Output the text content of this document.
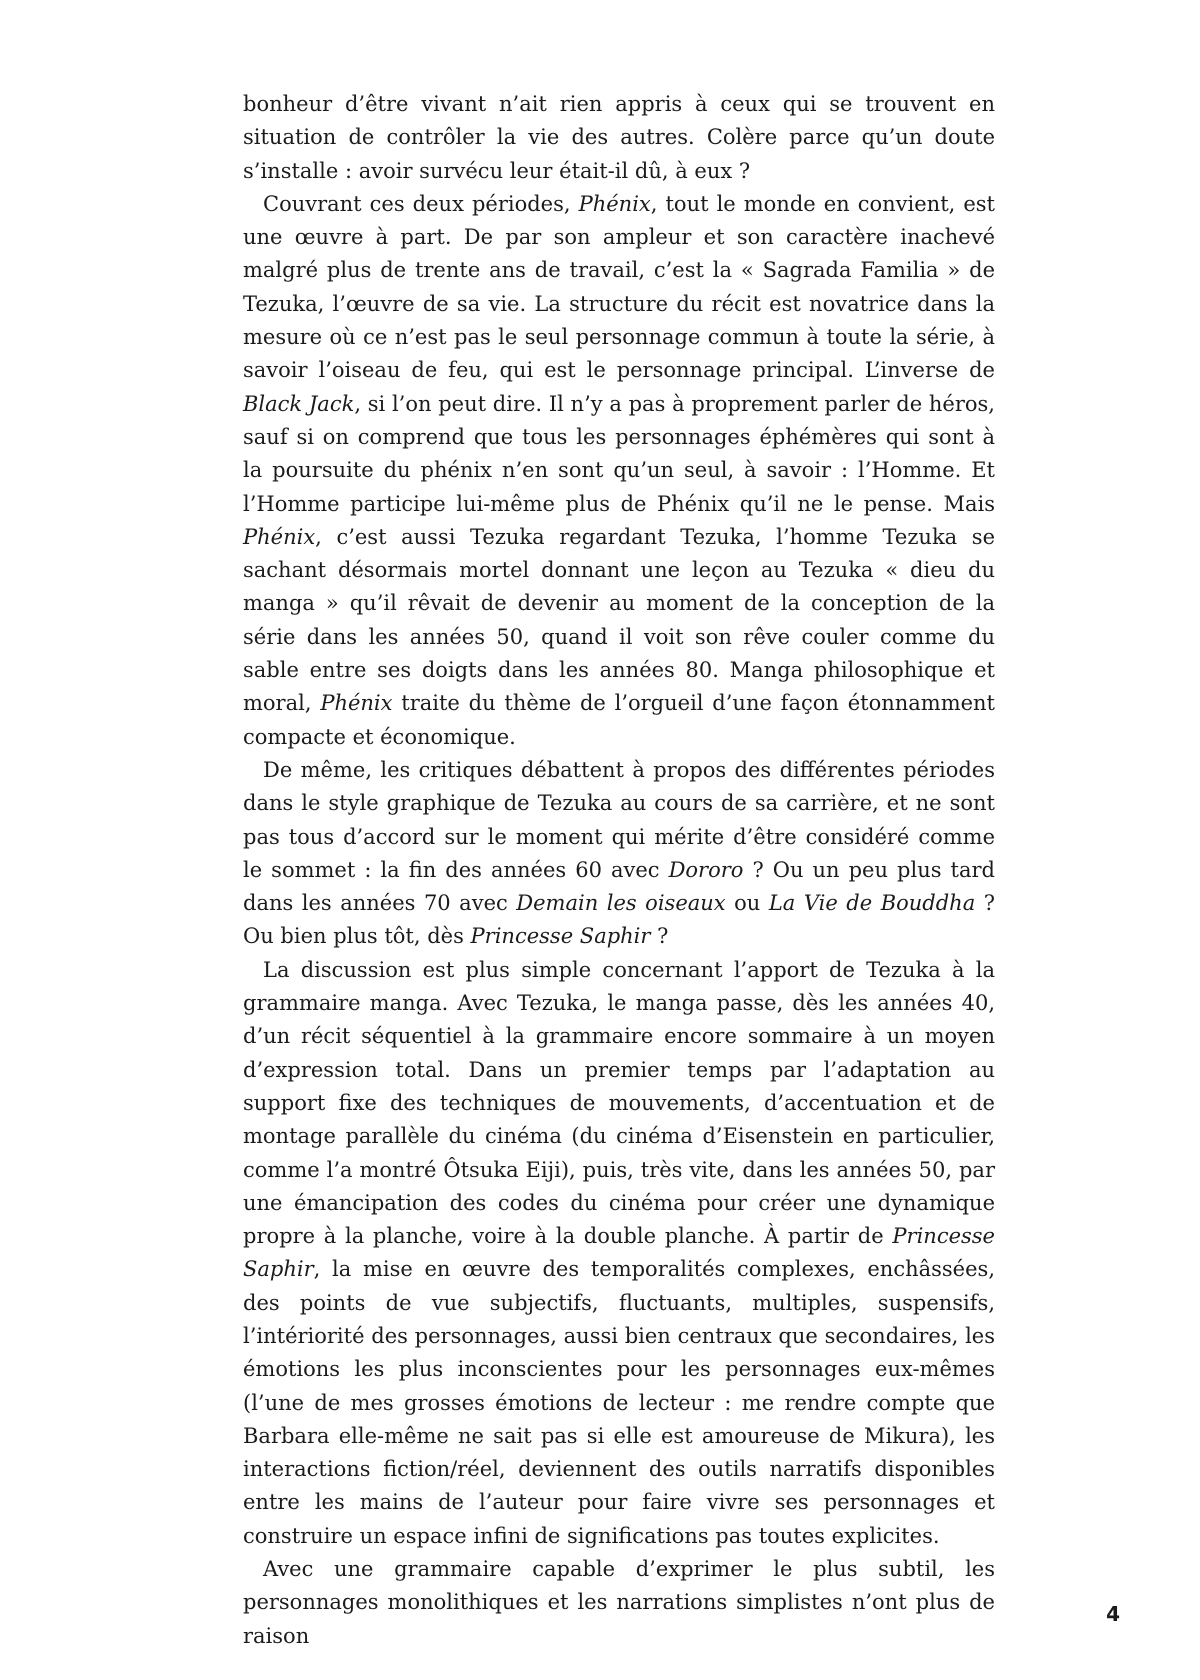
bonheur d’être vivant n’ait rien appris à ceux qui se trouvent en situation de contrôler la vie des autres. Colère parce qu’un doute s’installe : avoir survécu leur était-il dû, à eux ?

Couvrant ces deux périodes, Phénix, tout le monde en convient, est une œuvre à part. De par son ampleur et son caractère inachevé malgré plus de trente ans de travail, c’est la « Sagrada Familia » de Tezuka, l’œuvre de sa vie. La structure du récit est novatrice dans la mesure où ce n’est pas le seul personnage commun à toute la série, à savoir l’oiseau de feu, qui est le personnage principal. L’inverse de Black Jack, si l’on peut dire. Il n’y a pas à proprement parler de héros, sauf si on comprend que tous les personnages éphémères qui sont à la poursuite du phénix n’en sont qu’un seul, à savoir : l’Homme. Et l’Homme participe lui-même plus de Phénix qu’il ne le pense. Mais Phénix, c’est aussi Tezuka regardant Tezuka, l’homme Tezuka se sachant désormais mortel donnant une leçon au Tezuka « dieu du manga » qu’il rêvait de devenir au moment de la conception de la série dans les années 50, quand il voit son rêve couler comme du sable entre ses doigts dans les années 80. Manga philosophique et moral, Phénix traite du thème de l’orgueil d’une façon étonnamment compacte et économique.

De même, les critiques débattent à propos des différentes périodes dans le style graphique de Tezuka au cours de sa carrière, et ne sont pas tous d’accord sur le moment qui mérite d’être considéré comme le sommet : la fin des années 60 avec Dororo ? Ou un peu plus tard dans les années 70 avec Demain les oiseaux ou La Vie de Bouddha ? Ou bien plus tôt, dès Princesse Saphir ?

La discussion est plus simple concernant l’apport de Tezuka à la grammaire manga. Avec Tezuka, le manga passe, dès les années 40, d’un récit séquentiel à la grammaire encore sommaire à un moyen d’expression total. Dans un premier temps par l’adaptation au support fixe des techniques de mouvements, d’accentuation et de montage parallèle du cinéma (du cinéma d’Eisenstein en particulier, comme l’a montré Ôtsuka Eiji), puis, très vite, dans les années 50, par une émancipation des codes du cinéma pour créer une dynamique propre à la planche, voire à la double planche. À partir de Princesse Saphir, la mise en œuvre des temporalités complexes, enchâssées, des points de vue subjectifs, fluctuants, multiples, suspensifs, l’intériorité des personnages, aussi bien centraux que secondaires, les émotions les plus inconscientes pour les personnages eux-mêmes (l’une de mes grosses émotions de lecteur : me rendre compte que Barbara elle-même ne sait pas si elle est amoureuse de Mikura), les interactions fiction/réel, deviennent des outils narratifs disponibles entre les mains de l’auteur pour faire vivre ses personnages et construire un espace infini de significations pas toutes explicites.

Avec une grammaire capable d’exprimer le plus subtil, les personnages monolithiques et les narrations simplistes n’ont plus de raison

4
